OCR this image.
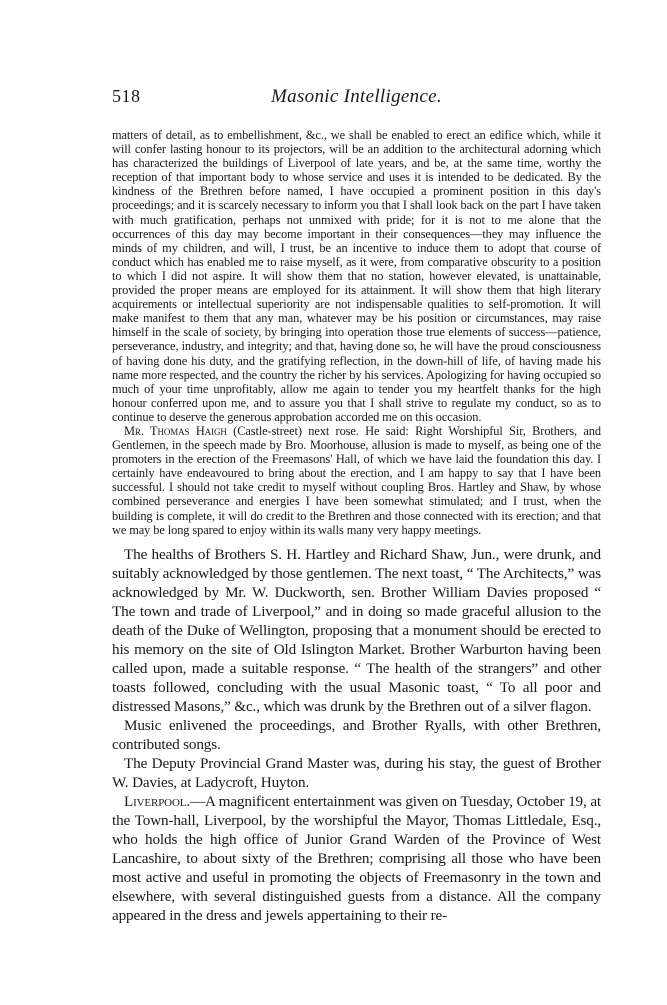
518	Masonic Intelligence.

matters of detail, as to embellishment, &c., we shall be enabled to erect an edifice which, while it will confer lasting honour to its projectors, will be an addition to the architectural adorning which has characterized the buildings of Liverpool of late years, and be, at the same time, worthy the reception of that important body to whose service and uses it is intended to be dedicated. By the kindness of the Brethren before named, I have occupied a prominent position in this day's proceedings; and it is scarcely necessary to inform you that I shall look back on the part I have taken with much gratification, perhaps not unmixed with pride; for it is not to me alone that the occurrences of this day may become important in their consequences—they may influence the minds of my children, and will, I trust, be an incentive to induce them to adopt that course of conduct which has enabled me to raise myself, as it were, from comparative obscurity to a position to which I did not aspire. It will show them that no station, however elevated, is unattainable, provided the proper means are employed for its attainment. It will show them that high literary acquirements or intellectual superiority are not indispensable qualities to self-promotion. It will make manifest to them that any man, whatever may be his position or circumstances, may raise himself in the scale of society, by bringing into operation those true elements of success—patience, perseverance, industry, and integrity; and that, having done so, he will have the proud consciousness of having done his duty, and the gratifying reflection, in the down-hill of life, of having made his name more respected, and the country the richer by his services. Apologizing for having occupied so much of your time unprofitably, allow me again to tender you my heartfelt thanks for the high honour conferred upon me, and to assure you that I shall strive to regulate my conduct, so as to continue to deserve the generous approbation accorded me on this occasion.

Mr. Thomas Haigh (Castle-street) next rose. He said: Right Worshipful Sir, Brothers, and Gentlemen, in the speech made by Bro. Moorhouse, allusion is made to myself, as being one of the promoters in the erection of the Freemasons' Hall, of which we have laid the foundation this day. I certainly have endeavoured to bring about the erection, and I am happy to say that I have been successful. I should not take credit to myself without coupling Bros. Hartley and Shaw, by whose combined perseverance and energies I have been somewhat stimulated; and I trust, when the building is complete, it will do credit to the Brethren and those connected with its erection; and that we may be long spared to enjoy within its walls many very happy meetings.

The healths of Brothers S. H. Hartley and Richard Shaw, Jun., were drunk, and suitably acknowledged by those gentlemen. The next toast, “ The Architects,” was acknowledged by Mr. W. Duckworth, sen. Brother William Davies proposed “ The town and trade of Liverpool,” and in doing so made graceful allusion to the death of the Duke of Wellington, proposing that a monument should be erected to his memory on the site of Old Islington Market. Brother Warburton having been called upon, made a suitable response. “ The health of the strangers” and other toasts followed, concluding with the usual Masonic toast, “ To all poor and distressed Masons,” &c., which was drunk by the Brethren out of a silver flagon.

Music enlivened the proceedings, and Brother Ryalls, with other Brethren, contributed songs.

The Deputy Provincial Grand Master was, during his stay, the guest of Brother W. Davies, at Ladycroft, Huyton.

Liverpool.—A magnificent entertainment was given on Tuesday, October 19, at the Town-hall, Liverpool, by the worshipful the Mayor, Thomas Littledale, Esq., who holds the high office of Junior Grand Warden of the Province of West Lancashire, to about sixty of the Brethren; comprising all those who have been most active and useful in promoting the objects of Freemasonry in the town and elsewhere, with several distinguished guests from a distance. All the company appeared in the dress and jewels appertaining to their re-
